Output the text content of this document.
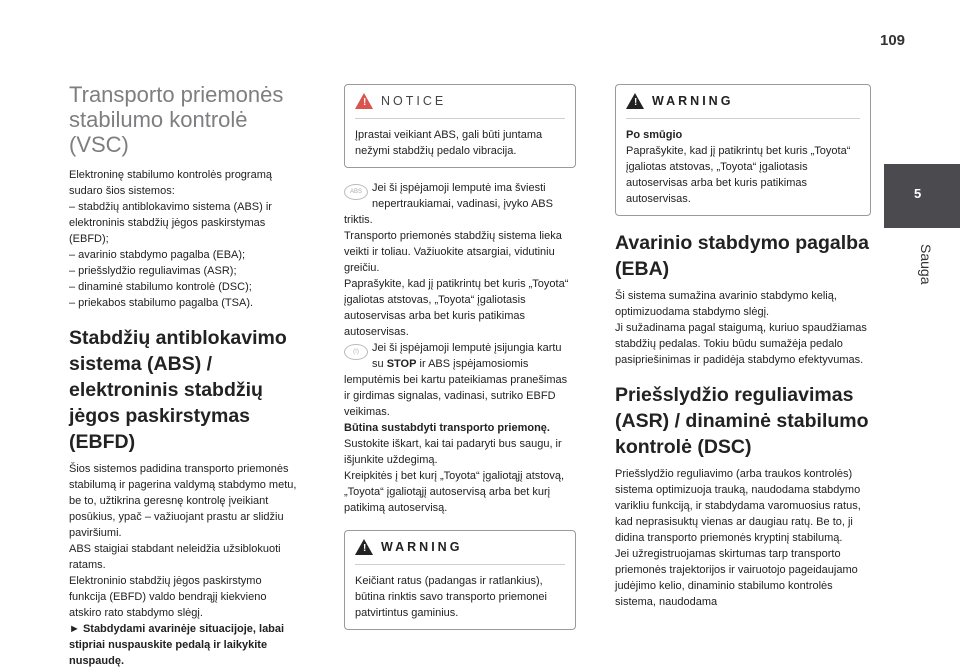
109
5
Sauga
Transporto priemonės
stabilumo kontrolė (VSC)

Elektroninę stabilumo kontrolės programą sudaro šios sistemos:

– stabdžių antiblokavimo sistema (ABS) ir elektroninis stabdžių jėgos paskirstymas (EBFD);

– avarinio stabdymo pagalba (EBA);

– priešslydžio reguliavimas (ASR);

– dinaminė stabilumo kontrolė (DSC);

– priekabos stabilumo pagalba (TSA).

Stabdžių antiblokavimo sistema (ABS) / elektroninis stabdžių jėgos paskirstymas (EBFD)

Šios sistemos padidina transporto priemonės stabilumą ir pagerina valdymą stabdymo metu, be to, užtikrina geresnę kontrolę įveikiant posūkius, ypač – važiuojant prastu ar slidžiu paviršiumi.

ABS staigiai stabdant neleidžia užsiblokuoti ratams.

Elektroninio stabdžių jėgos paskirstymo funkcija (EBFD) valdo bendrąjį kiekvieno atskiro rato stabdymo slėgį.

► Stabdydami avarinėje situacijoje, labai stipriai nuspauskite pedalą ir laikykite nuspaudę.

! NOTICE

Įprastai veikiant ABS, gali būti juntama nežymi stabdžių pedalo vibracija.

ABS Jei ši įspėjamoji lemputė ima šviesti nepertraukiamai, vadinasi, įvyko ABS triktis.

Transporto priemonės stabdžių sistema lieka veikti ir toliau. Važiuokite atsargiai, vidutiniu greičiu.

Paprašykite, kad jį patikrintų bet kuris „Toyota“ įgaliotas atstovas, „Toyota“ įgaliotasis autoservisas arba bet kuris patikimas autoservisas.

(!)	Jei ši įspėjamoji lemputė įsijungia kartu su STOP ir ABS įspėjamosiomis lemputėmis bei kartu pateikiamas pranešimas ir girdimas signalas, vadinasi, sutriko EBFD veikimas.

Būtina sustabdyti transporto priemonę.

Sustokite iškart, kai tai padaryti bus saugu, ir išjunkite uždegimą.

Kreipkitės į bet kurį „Toyota“ įgaliotąjį atstovą, „Toyota“ įgaliotąjį autoservisą arba bet kurį patikimą autoservisą.

! WARNING

Keičiant ratus (padangas ir ratlankius), būtina rinktis savo transporto priemonei patvirtintus gaminius.

! WARNING

Po smūgio

Paprašykite, kad jį patikrintų bet kuris „Toyota“ įgaliotas atstovas, „Toyota“ įgaliotasis autoservisas arba bet kuris patikimas autoservisas.

Avarinio stabdymo pagalba (EBA)

Ši sistema sumažina avarinio stabdymo kelią, optimizuodama stabdymo slėgį.

Ji sužadinama pagal staigumą, kuriuo spaudžiamas stabdžių pedalas. Tokiu būdu sumažėja pedalo pasipriešinimas ir padidėja stabdymo efektyvumas.

Priešslydžio reguliavimas (ASR) / dinaminė stabilumo kontrolė (DSC)

Priešslydžio reguliavimo (arba traukos kontrolės) sistema optimizuoja trauką, naudodama stabdymo varikliu funkciją, ir stabdydama varomuosius ratus, kad neprasisuktų vienas ar daugiau ratų. Be to, ji didina transporto priemonės kryptinį stabilumą.

Jei užregistruojamas skirtumas tarp transporto priemonės trajektorijos ir vairuotojo pageidaujamo judėjimo kelio, dinaminio stabilumo kontrolės sistema, naudodama
